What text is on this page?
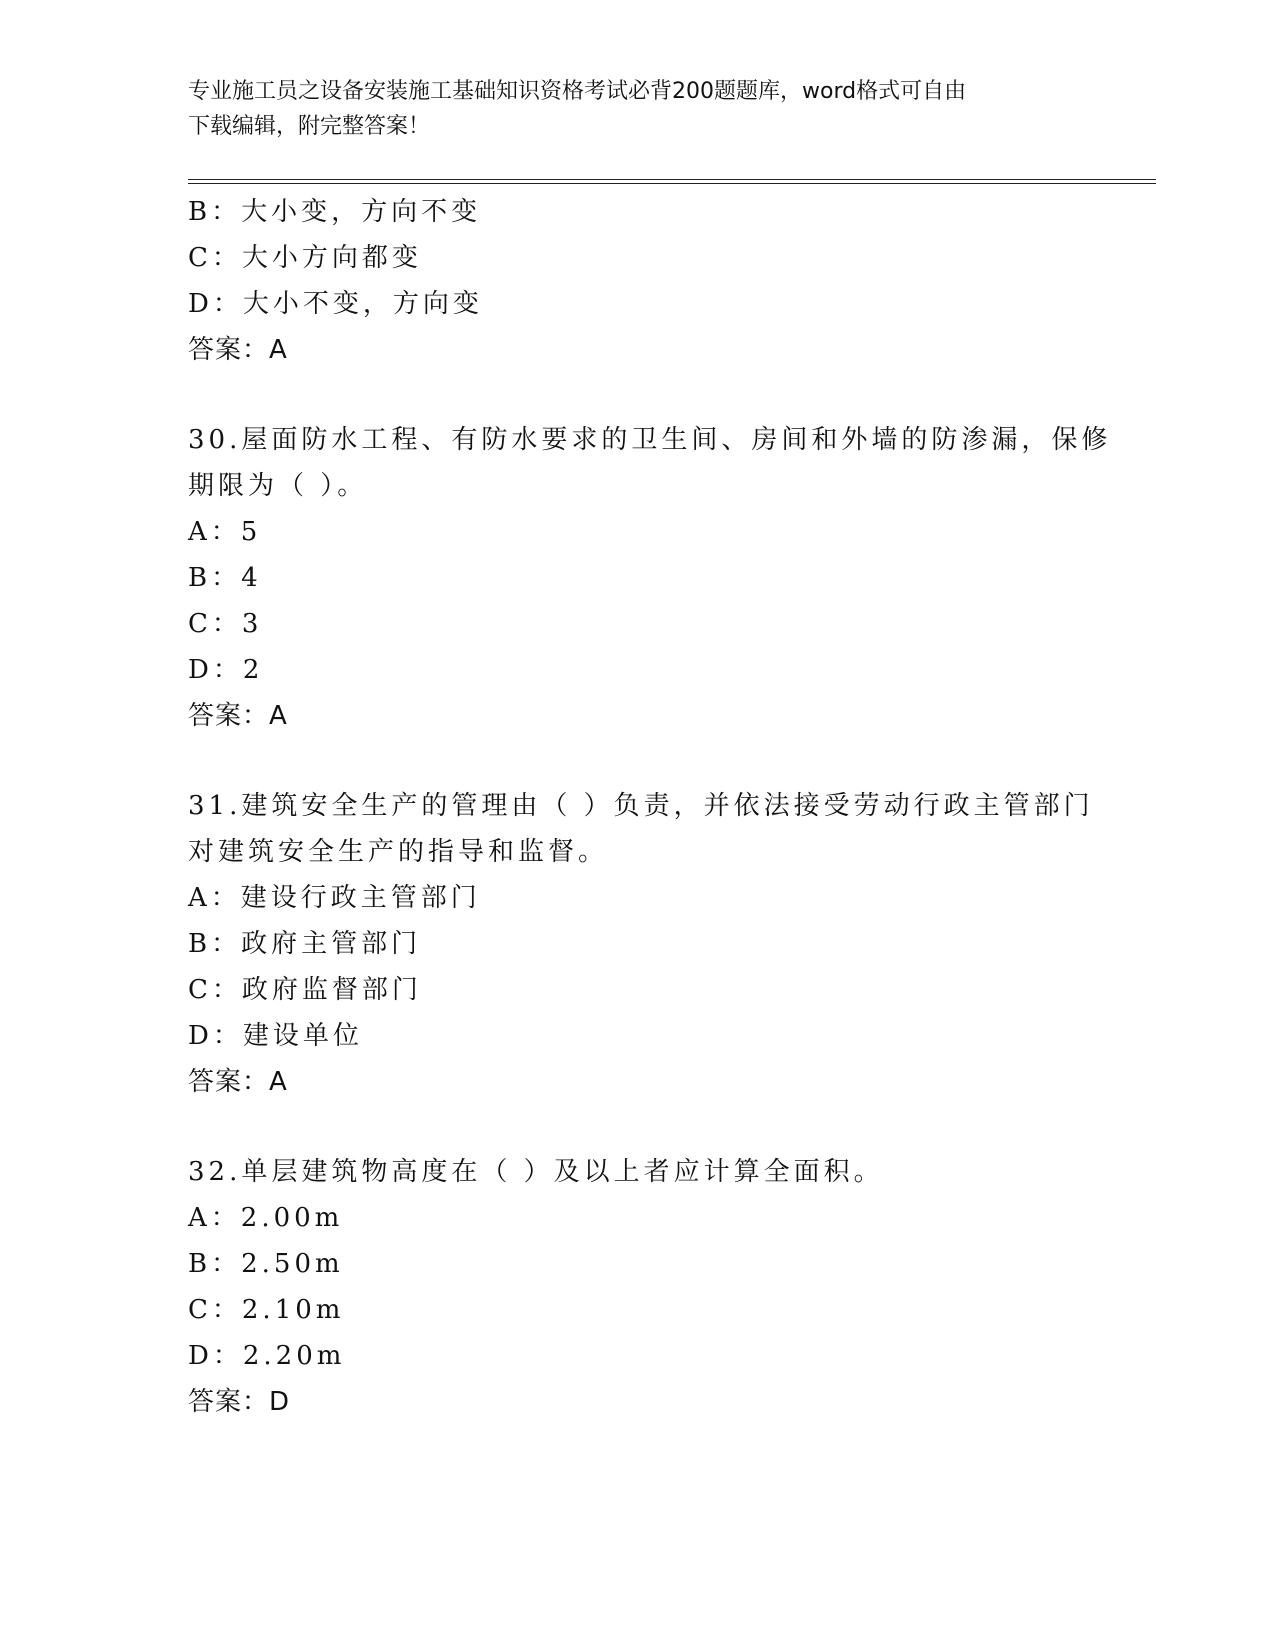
专业施工员之设备安装施工基础知识资格考试必背200题题库，word格式可自由
下载编辑，附完整答案！
B：大小变，方向不变
C：大小方向都变
D：大小不变，方向变
答案：A
30.屋面防水工程、有防水要求的卫生间、房间和外墙的防渗漏，保修
期限为（ ）。
A：5
B：4
C：3
D：2
答案：A
31.建筑安全生产的管理由（ ）负责，并依法接受劳动行政主管部门
对建筑安全生产的指导和监督。
A：建设行政主管部门
B：政府主管部门
C：政府监督部门
D：建设单位
答案：A
32.单层建筑物高度在（ ）及以上者应计算全面积。
A：2.00m
B：2.50m
C：2.10m
D：2.20m
答案：D
